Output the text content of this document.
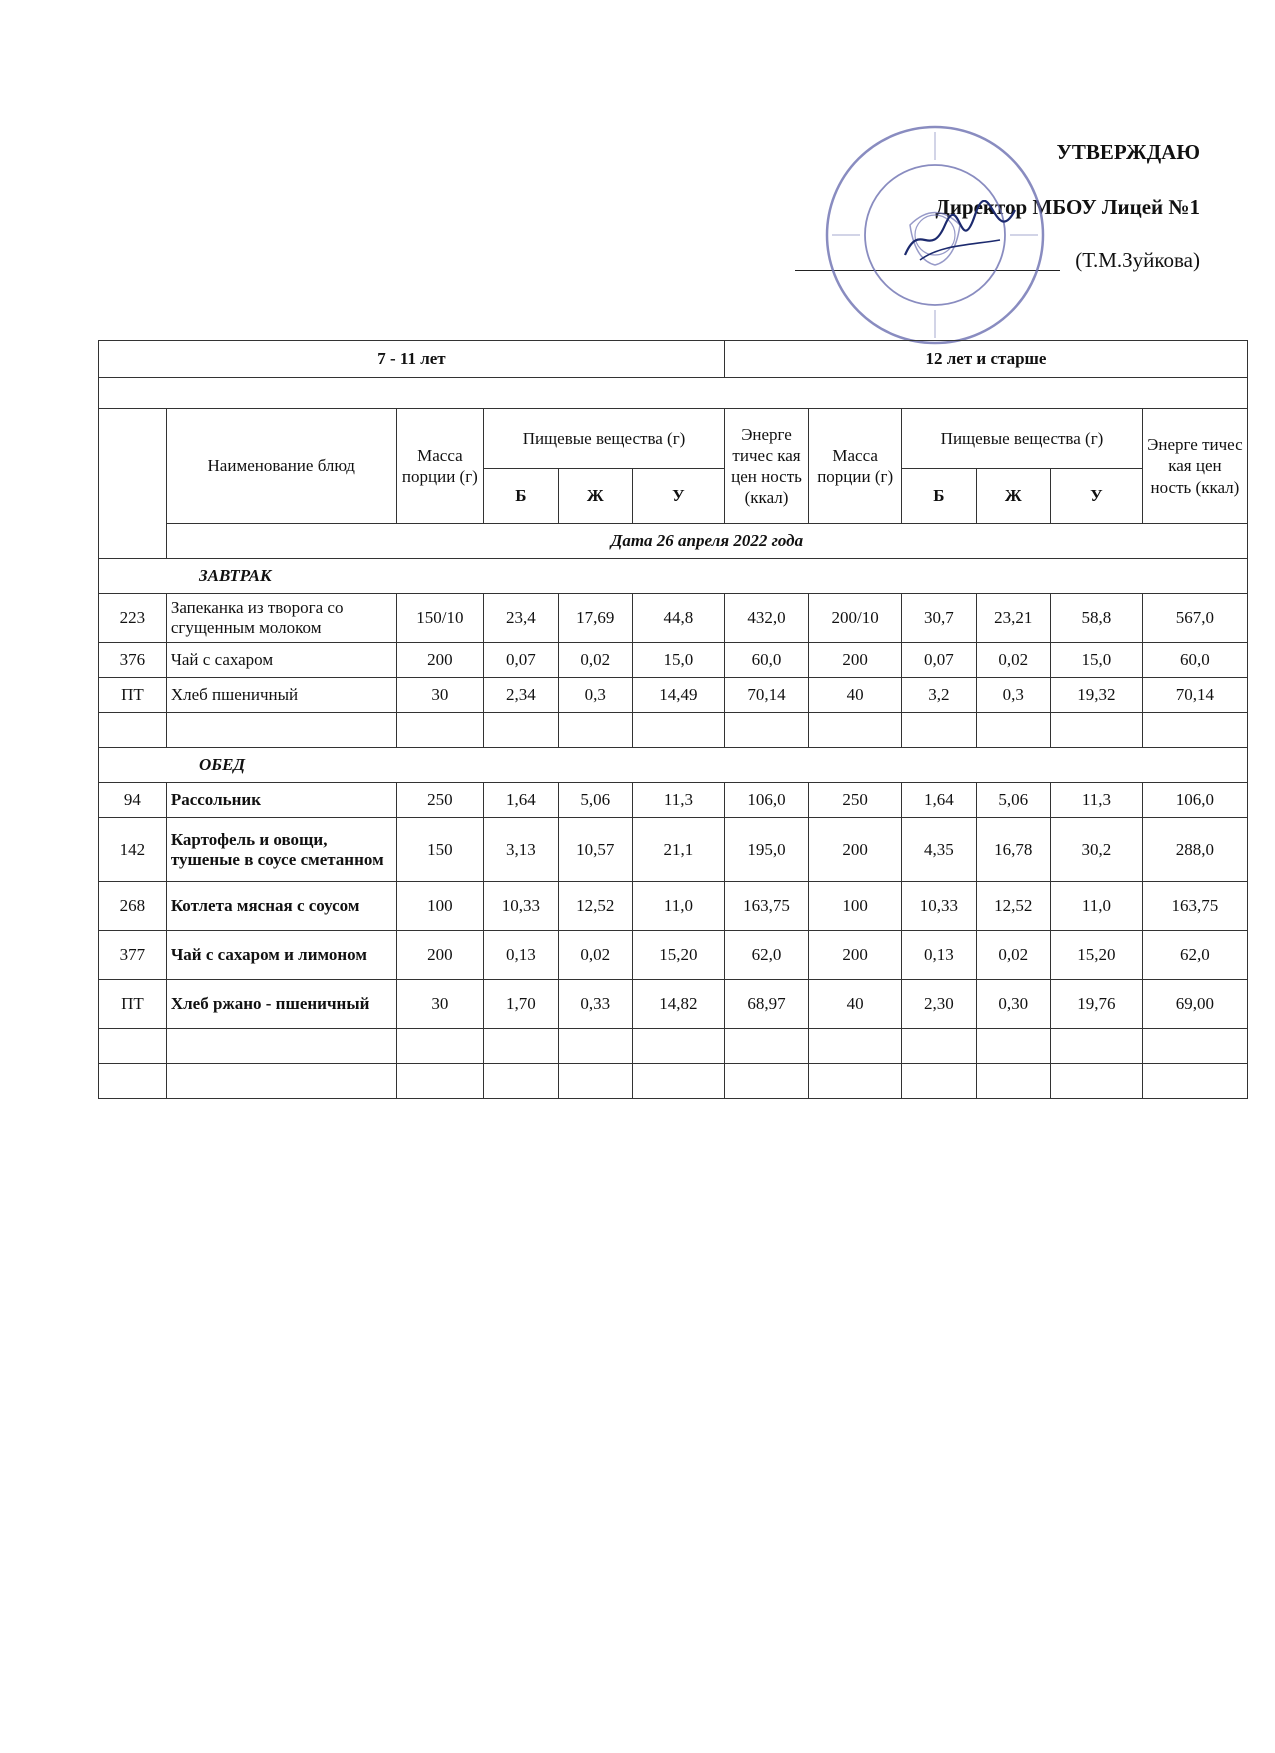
УТВЕРЖДАЮ
Директор МБОУ Лицей №1
(Т.М.Зуйкова)
7 - 11 лет						12 лет и старше					

	Наименование блюд	Масса порции (г)	Пищевые вещества (г)			Энерге тичес кая цен ность (ккал)	Масса порции (г)	Пищевые вещества (г)			Энерге тичес кая цен ность (ккал)
			Б	Ж	У			Б	Ж	У	
	Дата 26 апреля 2022 года										
ЗАВТРАК											
223	Запеканка из творога со сгущенным молоком	150/10	23,4	17,69	44,8	432,0	200/10	30,7	23,21	58,8	567,0
376	Чай с сахаром	200	0,07	0,02	15,0	60,0	200	0,07	0,02	15,0	60,0
ПТ	Хлеб пшеничный	30	2,34	0,3	14,49	70,14	40	3,2	0,3	19,32	70,14

ОБЕД											
94	Рассольник	250	1,64	5,06	11,3	106,0	250	1,64	5,06	11,3	106,0
142	Картофель и овощи, тушеные в соусе сметанном	150	3,13	10,57	21,1	195,0	200	4,35	16,78	30,2	288,0
268	Котлета мясная с соусом	100	10,33	12,52	11,0	163,75	100	10,33	12,52	11,0	163,75
377	Чай с сахаром и лимоном	200	0,13	0,02	15,20	62,0	200	0,13	0,02	15,20	62,0
ПТ	Хлеб ржано - пшеничный	30	1,70	0,33	14,82	68,97	40	2,30	0,30	19,76	69,00
